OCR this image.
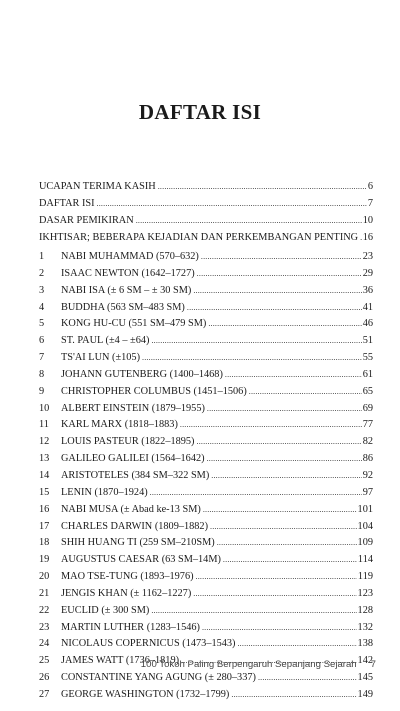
DAFTAR ISI
UCAPAN TERIMA KASIH .....	6
DAFTAR ISI .....	7
DASAR PEMIKIRAN .....	10
IKHTISAR; BEBERAPA KEJADIAN DAN PERKEMBANGAN PENTING ..... 16
1	NABI MUHAMMAD (570–632) .....	23
2	ISAAC NEWTON (1642–1727) .....	29
3	NABI ISA (± 6 SM – ± 30 SM) .....	36
4	BUDDHA (563 SM–483 SM) .....	41
5	KONG HU-CU (551 SM–479 SM) .....	46
6	ST. PAUL (±4 – ±64) .....	51
7	TS'AI LUN (±105) .....	55
8	JOHANN GUTENBERG (1400–1468) .....	61
9	CHRISTOPHER COLUMBUS (1451–1506) .....	65
10	ALBERT EINSTEIN (1879–1955) .....	69
11	KARL MARX (1818–1883) .....	77
12	LOUIS PASTEUR (1822–1895) .....	82
13	GALILEO GALILEI (1564–1642) .....	86
14	ARISTOTELES (384 SM–322 SM) .....	92
15	LENIN (1870–1924) .....	97
16	NABI MUSA (± Abad ke-13 SM) .....	101
17	CHARLES DARWIN (1809–1882) .....	104
18	SHIH HUANG TI (259 SM–210SM) .....	109
19	AUGUSTUS CAESAR (63 SM–14M) .....	114
20	MAO TSE-TUNG (1893–1976) .....	119
21	JENGIS KHAN (± 1162–1227) .....	123
22	EUCLID (± 300 SM) .....	128
23	MARTIN LUTHER (1283–1546) .....	132
24	NICOLAUS COPERNICUS (1473–1543) .....	138
25	JAMES WATT (1736–1819) .....	142
26	CONSTANTINE YANG AGUNG (± 280–337) .....	145
27	GEORGE WASHINGTON (1732–1799) .....	149
100 Tokoh Paling Berpengaruh Sepanjang Sejarah 7
